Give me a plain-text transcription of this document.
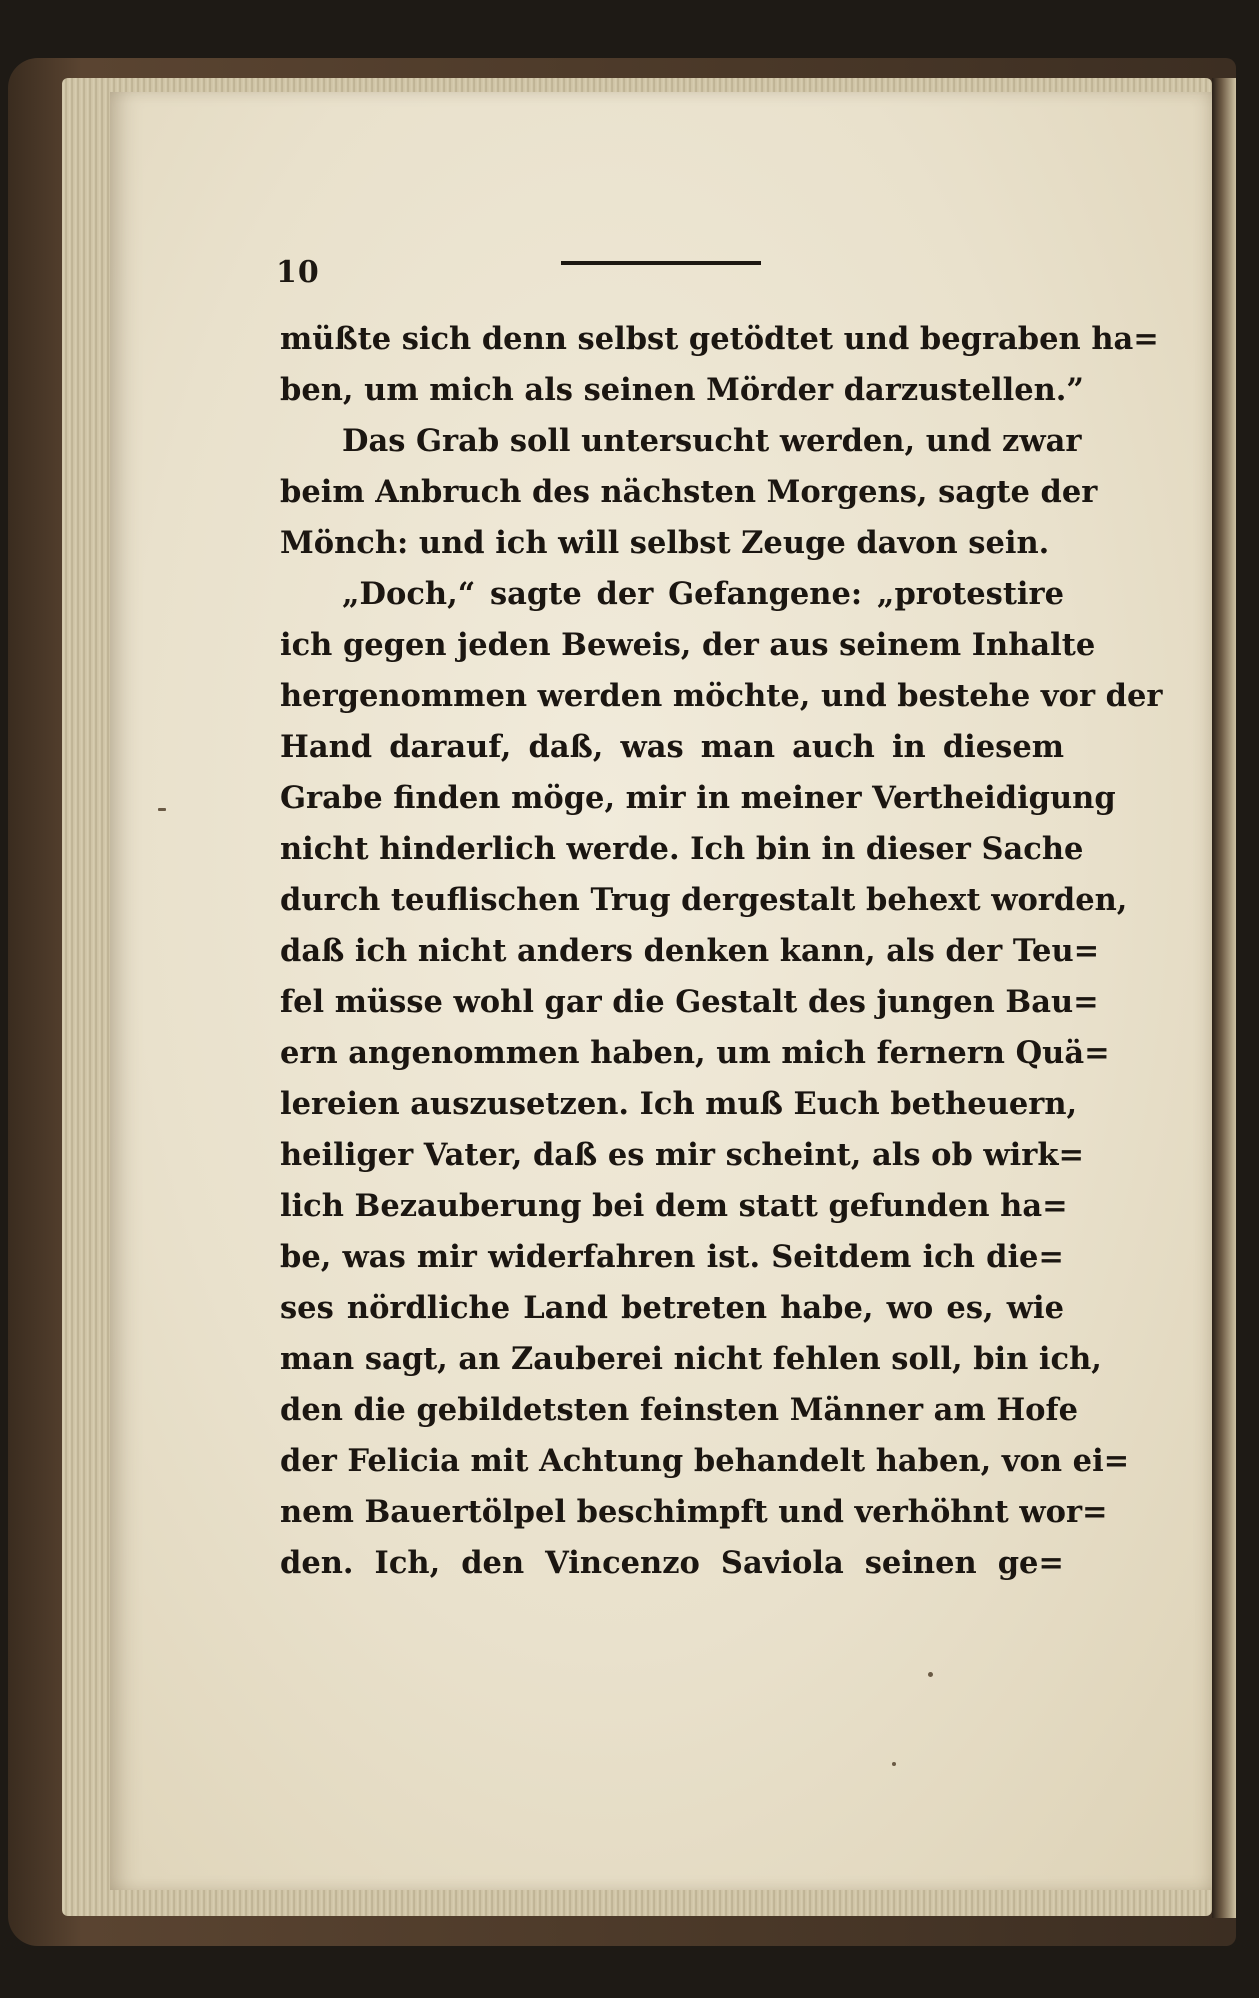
10
müßte sich denn selbst getödtet und begraben ha=
ben, um mich als seinen Mörder darzustellen.”
Das Grab soll untersucht werden, und zwar
beim Anbruch des nächsten Morgens, sagte der
Mönch: und ich will selbst Zeuge davon sein.
„Doch,“ sagte der Gefangene: „protestire
ich gegen jeden Beweis, der aus seinem Inhalte
hergenommen werden möchte, und bestehe vor der
Hand darauf, daß, was man auch in diesem
Grabe finden möge, mir in meiner Vertheidigung
nicht hinderlich werde. Ich bin in dieser Sache
durch teuflischen Trug dergestalt behext worden,
daß ich nicht anders denken kann, als der Teu=
fel müsse wohl gar die Gestalt des jungen Bau=
ern angenommen haben, um mich fernern Quä=
lereien auszusetzen. Ich muß Euch betheuern,
heiliger Vater, daß es mir scheint, als ob wirk=
lich Bezauberung bei dem statt gefunden ha=
be, was mir widerfahren ist. Seitdem ich die=
ses nördliche Land betreten habe, wo es, wie
man sagt, an Zauberei nicht fehlen soll, bin ich,
den die gebildetsten feinsten Männer am Hofe
der Felicia mit Achtung behandelt haben, von ei=
nem Bauertölpel beschimpft und verhöhnt wor=
den. Ich, den Vincenzo Saviola seinen ge=
